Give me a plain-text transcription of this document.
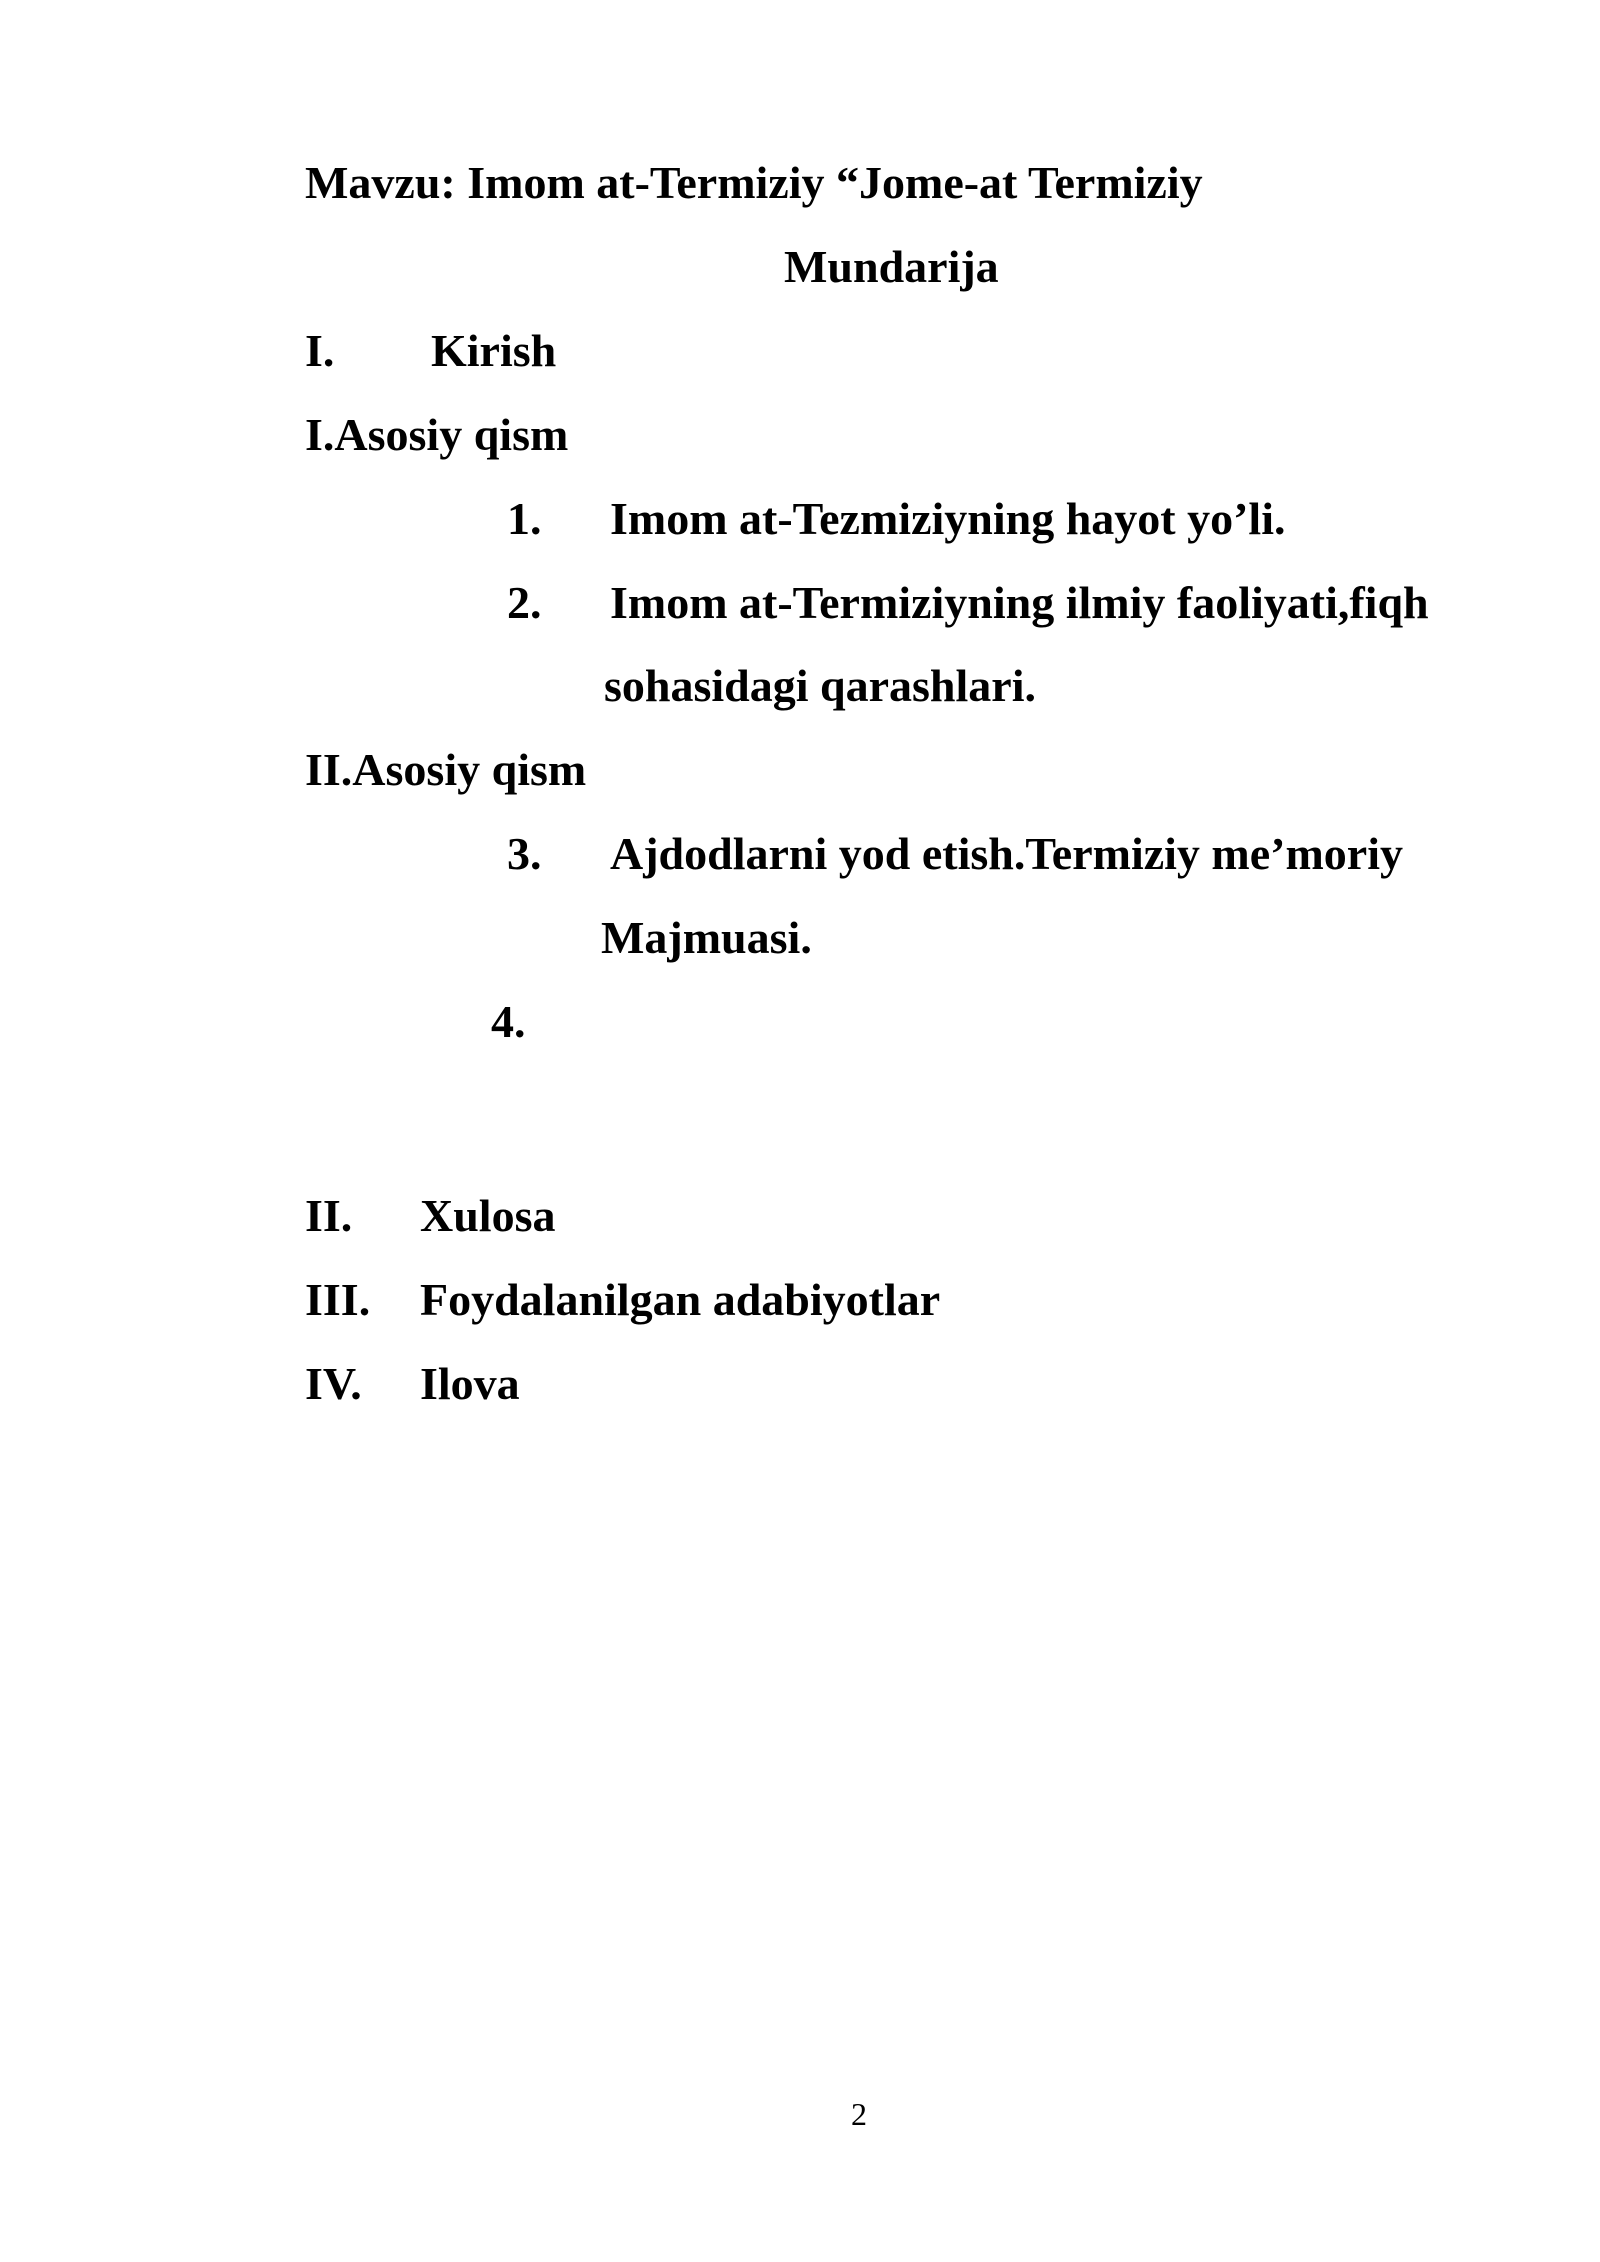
Mavzu: Imom at-Termiziy “Jome-at Termiziy
Mundarija
I. Kirish
I.Asosiy qism
1. Imom at-Tezmiziyning hayot yo’li.
2. Imom at-Termiziyning ilmiy faoliyati,fiqh
sohasidagi qarashlari.
II.Asosiy qism
3. Ajdodlarni yod etish.Termiziy me’moriy
Majmuasi.
4.
II. Xulosa
III. Foydalanilgan adabiyotlar
IV. Ilova
2
